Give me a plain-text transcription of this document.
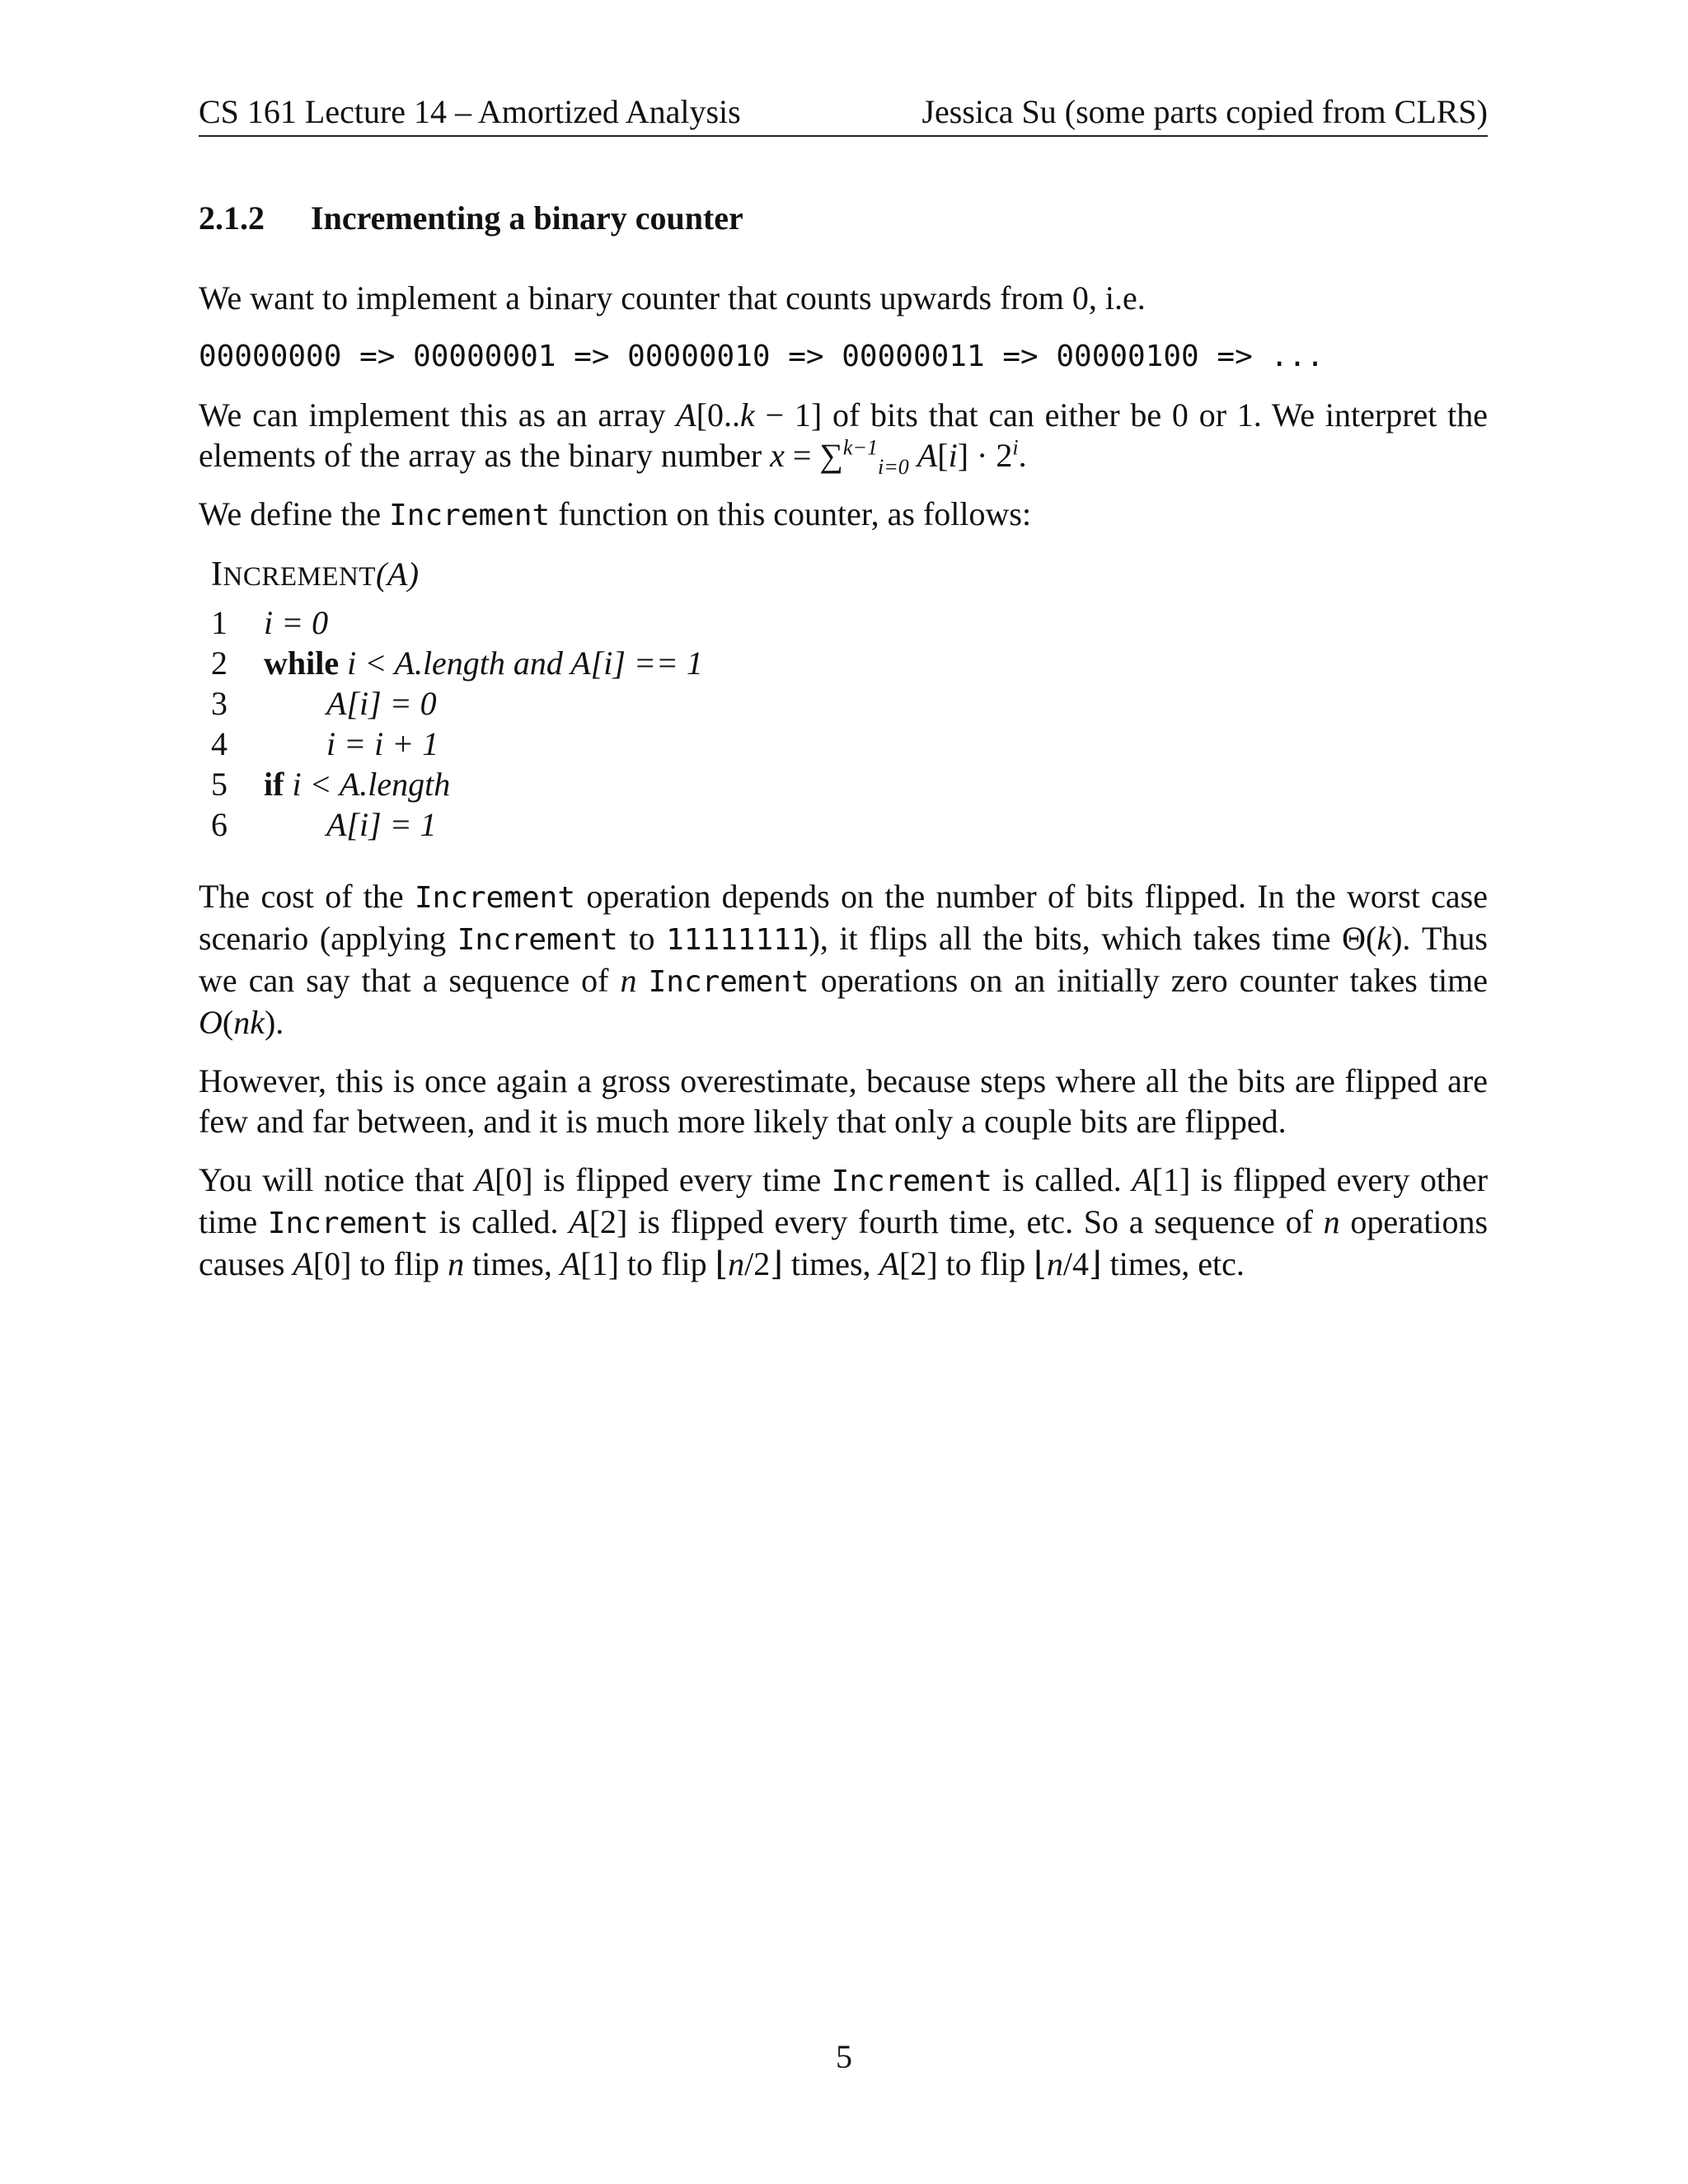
CS 161 Lecture 14 – Amortized Analysis	Jessica Su (some parts copied from CLRS)
2.1.2 Incrementing a binary counter

We want to implement a binary counter that counts upwards from 0, i.e.

00000000 => 00000001 => 00000010 => 00000011 => 00000100 => ...

We can implement this as an array A[0..k − 1] of bits that can either be 0 or 1. We interpret the elements of the array as the binary number x = ∑$^{k-1}_{i=0}$ $A[i] \cdot 2^i$.

We define the Increment function on this counter, as follows:

INCREMENT(A)
1 i = 0
2 while i < A.length and A[i] == 1
3	A[i] = 0
4	i = i + 1
5 if i < A.length
6	A[i] = 1

The cost of the Increment operation depends on the number of bits flipped. In the worst case scenario (applying Increment to 11111111), it flips all the bits, which takes time Θ(k). Thus we can say that a sequence of n Increment operations on an initially zero counter takes time O(nk).

However, this is once again a gross overestimate, because steps where all the bits are flipped are few and far between, and it is much more likely that only a couple bits are flipped.

You will notice that A[0] is flipped every time Increment is called. A[1] is flipped every other time Increment is called. A[2] is flipped every fourth time, etc. So a sequence of n operations causes A[0] to flip n times, A[1] to flip ⌊n/2⌋ times, A[2] to flip ⌊n/4⌋ times, etc.

5
